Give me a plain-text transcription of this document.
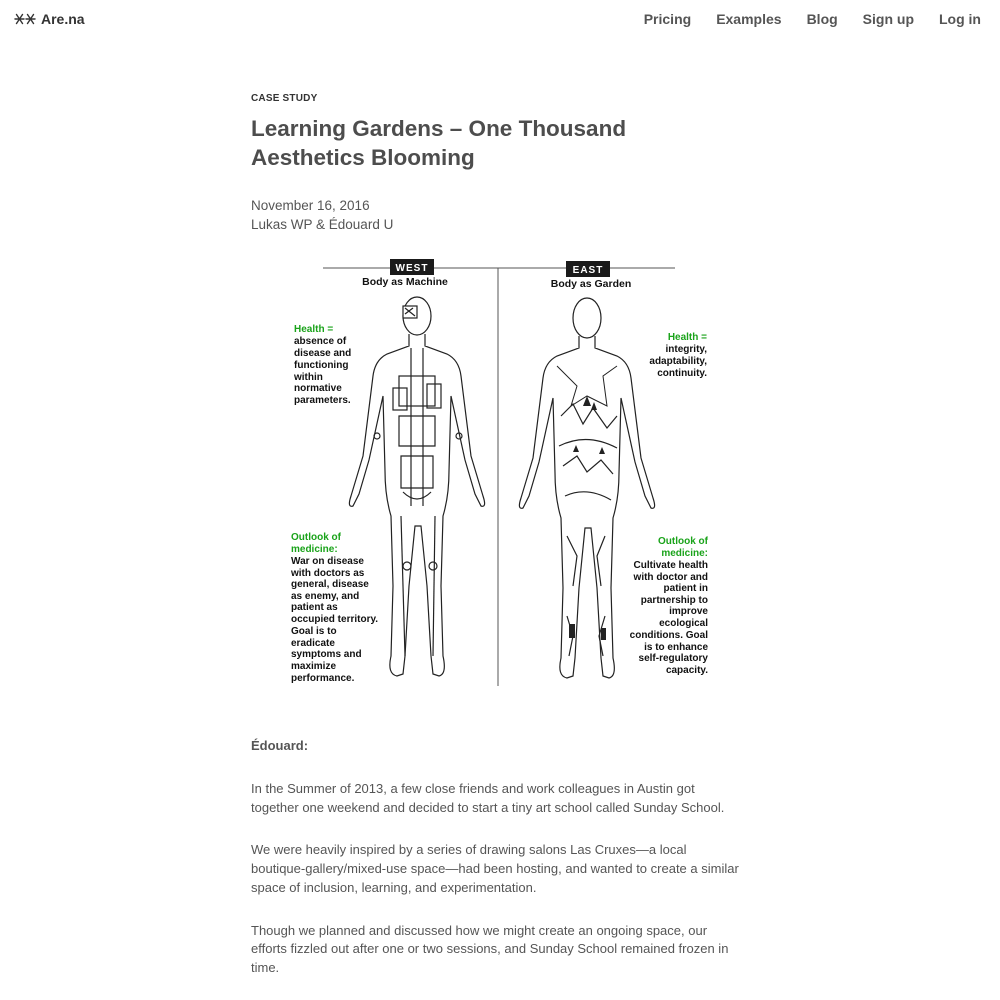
Are.na	Pricing Examples Blog Sign up Log in
CASE STUDY
Learning Gardens – One Thousand Aesthetics Blooming
November 16, 2016
Lukas WP & Édouard U
WEST
Body as Machine
EAST
Body as Garden
Health =
absence of
disease and
functioning
within
normative
parameters.
Outlook of
medicine:
War on disease
with doctors as
general, disease
as enemy, and
patient as
occupied territory.
Goal is to
eradicate
symptoms and
maximize
performance.
Health =
integrity,
adaptability,
continuity.
Outlook of
medicine:
Cultivate health
with doctor and
patient in
partnership to
improve
ecological
conditions. Goal
is to enhance
self-regulatory
capacity.
Édouard:

In the Summer of 2013, a few close friends and work colleagues in Austin got together one weekend and decided to start a tiny art school called Sunday School.

We were heavily inspired by a series of drawing salons Las Cruxes—a local boutique-gallery/mixed-use space—had been hosting, and wanted to create a similar space of inclusion, learning, and experimentation.

Though we planned and discussed how we might create an ongoing space, our efforts fizzled out after one or two sessions, and Sunday School remained frozen in time.
